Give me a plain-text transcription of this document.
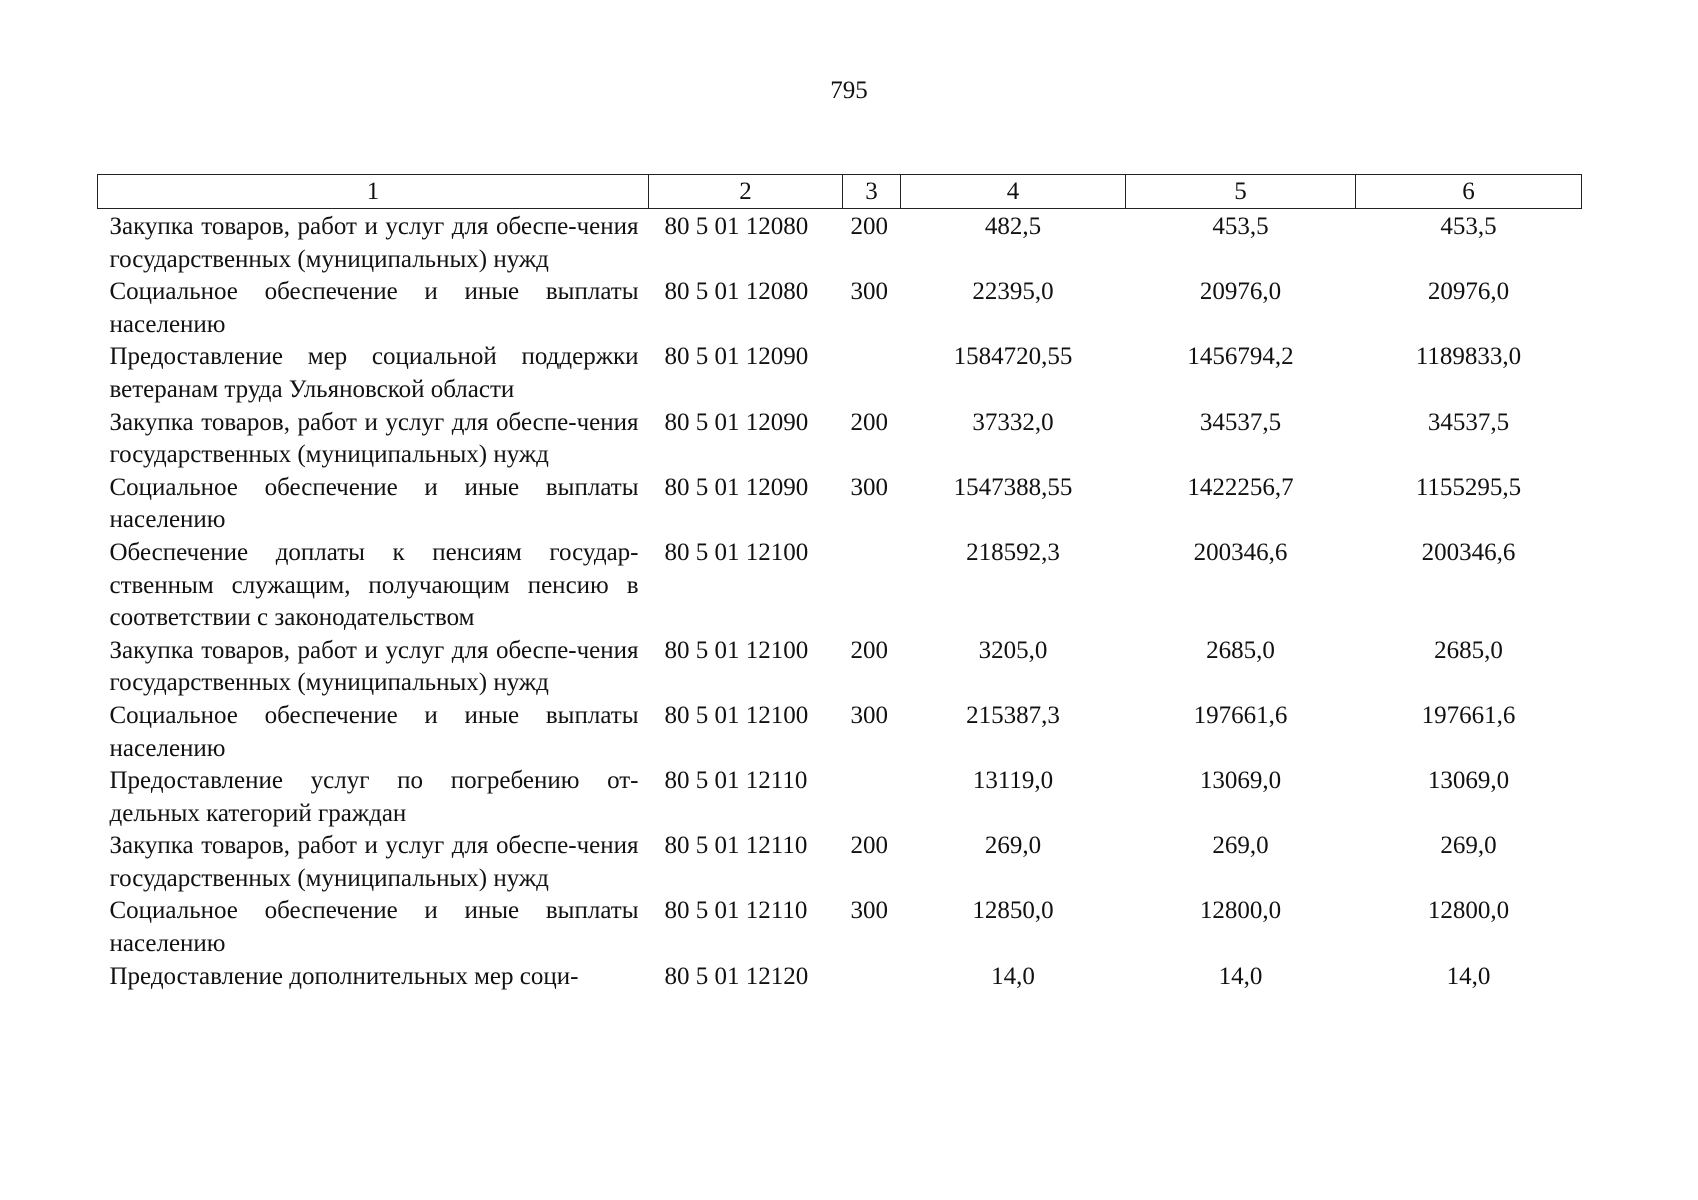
795
1	2	3	4	5	6
Закупка товаров, работ и услуг для обеспе-чения государственных (муниципальных) нужд	80 5 01 12080	200	482,5	453,5	453,5
Социальное обеспечение и иные выплаты населению	80 5 01 12080	300	22395,0	20976,0	20976,0
Предоставление мер социальной поддержки ветеранам труда Ульяновской области	80 5 01 12090		1584720,55	1456794,2	1189833,0
Закупка товаров, работ и услуг для обеспе-чения государственных (муниципальных) нужд	80 5 01 12090	200	37332,0	34537,5	34537,5
Социальное обеспечение и иные выплаты населению	80 5 01 12090	300	1547388,55	1422256,7	1155295,5
Обеспечение доплаты к пенсиям государ-ственным служащим, получающим пенсию в соответствии с законодательством	80 5 01 12100		218592,3	200346,6	200346,6
Закупка товаров, работ и услуг для обеспе-чения государственных (муниципальных) нужд	80 5 01 12100	200	3205,0	2685,0	2685,0
Социальное обеспечение и иные выплаты населению	80 5 01 12100	300	215387,3	197661,6	197661,6
Предоставление услуг по погребению от-дельных категорий граждан	80 5 01 12110		13119,0	13069,0	13069,0
Закупка товаров, работ и услуг для обеспе-чения государственных (муниципальных) нужд	80 5 01 12110	200	269,0	269,0	269,0
Социальное обеспечение и иные выплаты населению	80 5 01 12110	300	12850,0	12800,0	12800,0
Предоставление дополнительных мер соци-	80 5 01 12120		14,0	14,0	14,0
